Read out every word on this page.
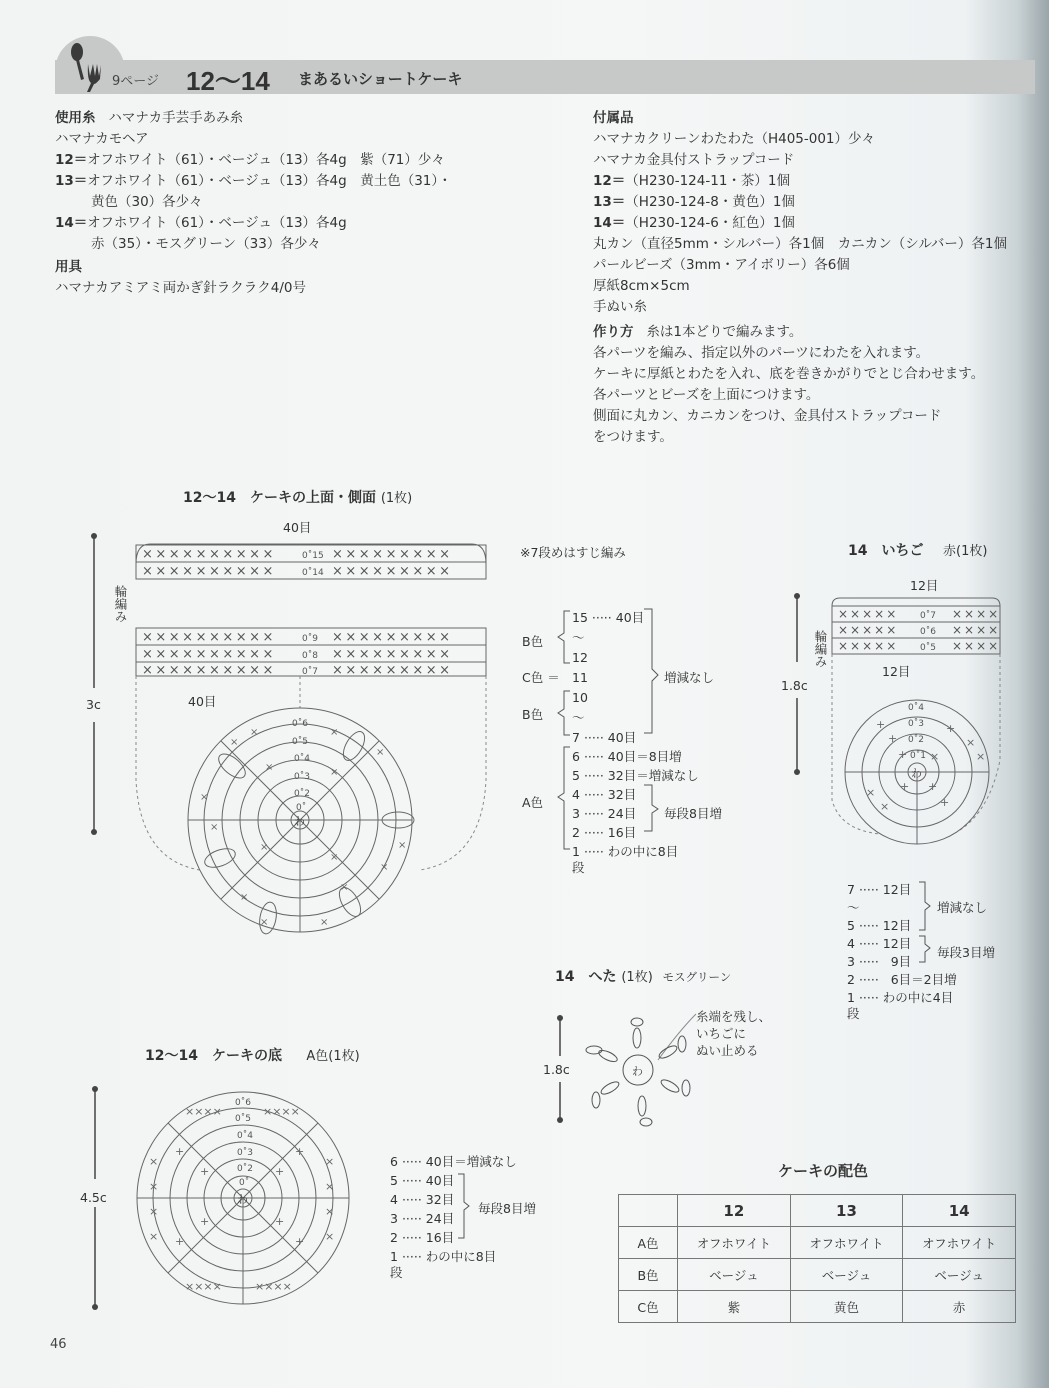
9ページ 12〜14 まあるいショートケーキ
使用糸 ハマナカ手芸手あみ糸
ハマナカモヘア
12＝オフホワイト（61）・ベージュ（13）各4g　紫（71）少々
13＝オフホワイト（61）・ベージュ（13）各4g　黄土色（31）・
黄色（30）各少々
14＝オフホワイト（61）・ベージュ（13）各4g
赤（35）・モスグリーン（33）各少々
用具
ハマナカアミアミ両かぎ針ラクラク4/0号
付属品
ハマナカクリーンわたわた（H405-001）少々
ハマナカ金具付ストラップコード
12＝（H230-124-11・茶）1個
13＝（H230-124-8・黄色）1個
14＝（H230-124-6・紅色）1個
丸カン（直径5mm・シルバー）各1個　カニカン（シルバー）各1個
パールビーズ（3mm・アイボリー）各6個
厚紙8cm×5cm
手ぬい糸
作り方 糸は1本どりで編みます。
各パーツを編み、指定以外のパーツにわたを入れます。
ケーキに厚紙とわたを入れ、底を巻きかがりでとじ合わせます。
各パーツとビーズを上面につけます。
側面に丸カン、カニカンをつけ、金具付ストラップコード
をつけます。
12〜14　ケーキの上面・側面 (1枚)
40目
40目
輪編み
3c
××××××××××	×××××××××
××××××××××	×××××××××
××××××××××	×××××××××
××××××××××	×××××××××
××××××××××	×××××××××
0˚15
0˚14
0˚9
0˚8
0˚7
わ
0˚6
0˚5
0˚4
0˚3
0˚2
0˚
×
×	×
×
×
×
×
×
×
×	×
×
×	×
×
×
※7段めはすじ編み
B色
C色 ＝
B色
A色
15 ····· 40目
〜
12
11
10
〜
7 ····· 40目
6 ····· 40目＝8目増
5 ····· 32目＝増減なし
4 ····· 32目
3 ····· 24目
2 ····· 16目
1 ····· わの中に8目
段
増減なし
毎段8目増
14　いちご 赤(1枚)
12目
12目
輪編み
1.8c
×××××	××××
×××××	××××
×××××	××××
0˚7
0˚6
0˚5
わ
0˚4
0˚3
0˚2
0˚1
+
+
+ ×
+
×
×
+ +
+
×
×
7 ····· 12目
〜
5 ····· 12目
4 ····· 12目
3 ····· 9目
2 ····· 6目＝2目増
1 ····· わの中に4目
段
増減なし
毎段3目増
14　へた (1枚) モスグリーン
1.8c
糸端を残し、
いちごに
ぬい止める
わ
12〜14　ケーキの底 A色(1枚)
4.5c	わ
0˚6
0˚5
0˚4
0˚3
0˚2
0˚
××××	××××
×
×
×
×
×
×
×
×
××××	××××
+	+
+	+
+	+
+	+
6 ····· 40目＝増減なし
5 ····· 40目
4 ····· 32目
3 ····· 24目
2 ····· 16目
1 ····· わの中に8目
段
毎段8目増
ケーキの配色
	12	13	14
A色	オフホワイト	オフホワイト	オフホワイト
B色	ベージュ	ベージュ	ベージュ
C色	紫	黄色	赤
46
